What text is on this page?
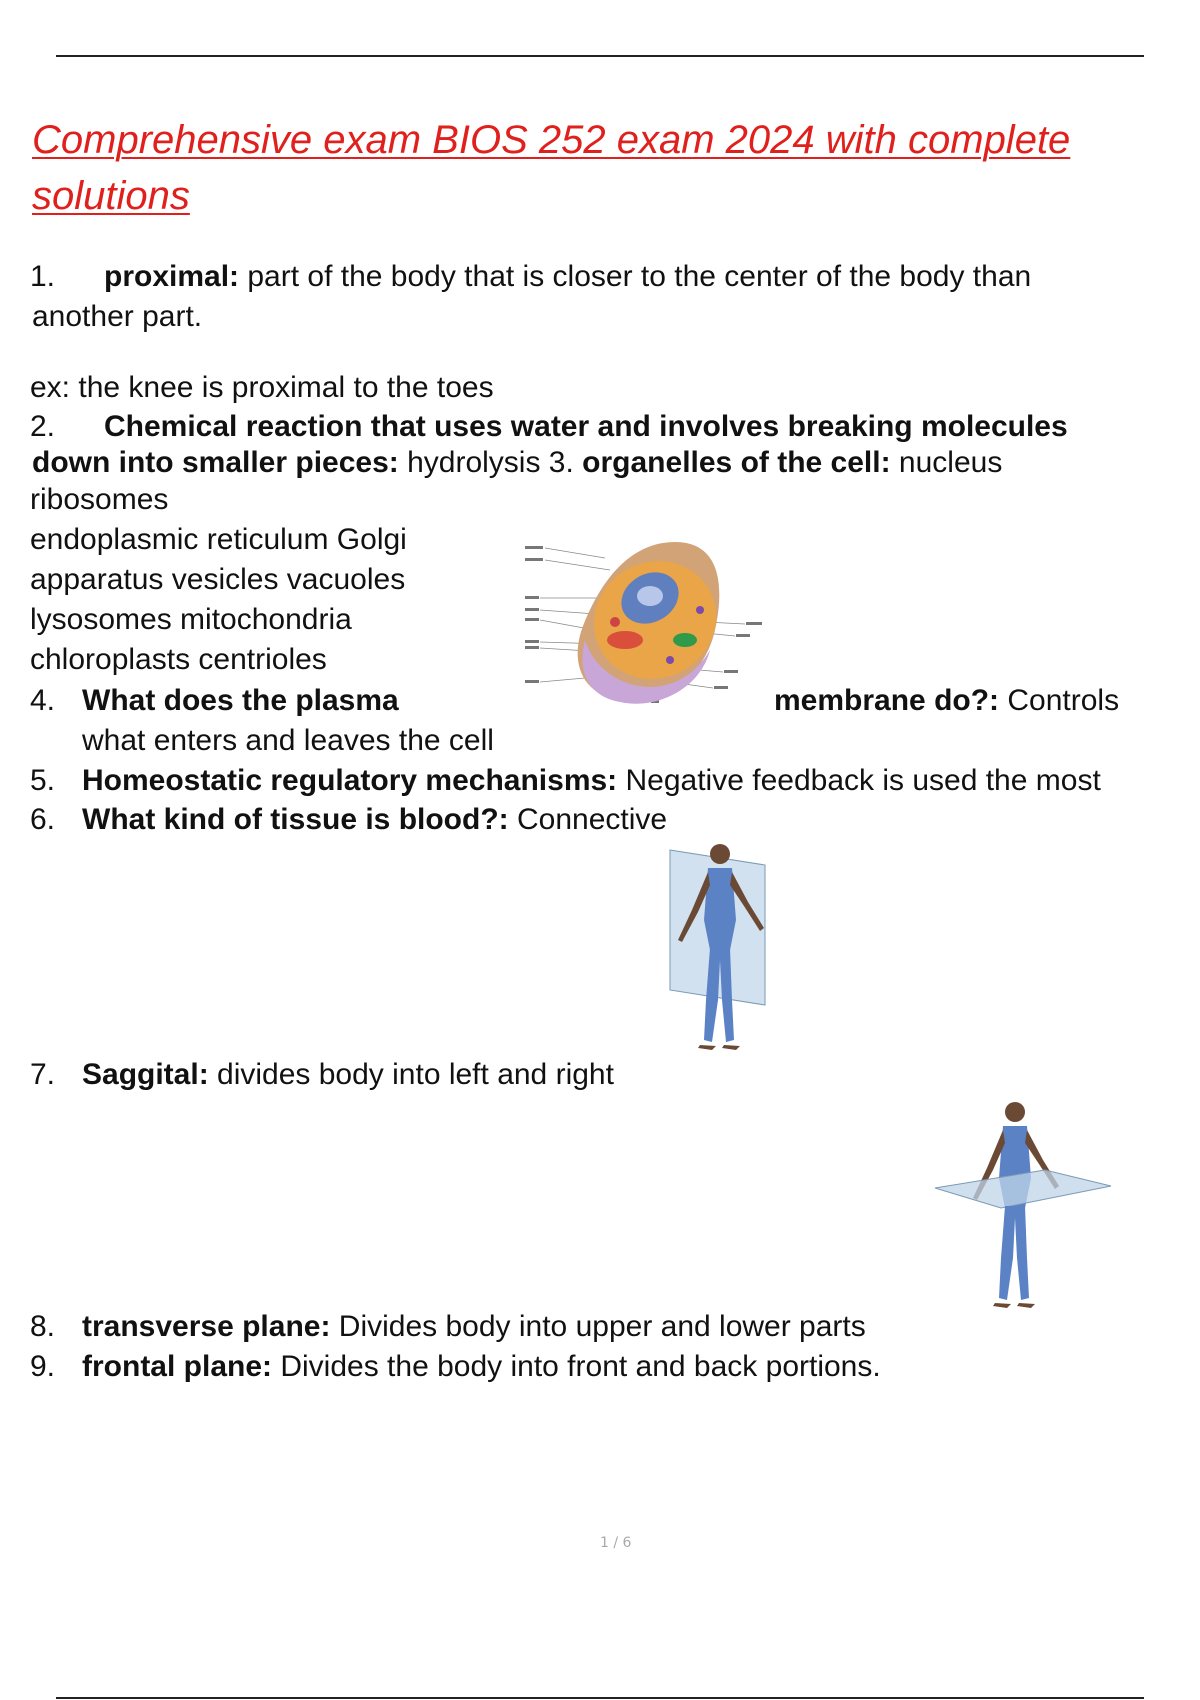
Comprehensive exam BIOS 252 exam 2024 with complete solutions
1. proximal: part of the body that is closer to the center of the body than
another part.
ex: the knee is proximal to the toes
2. Chemical reaction that uses water and involves breaking molecules
down into smaller pieces: hydrolysis 3. organelles of the cell: nucleus
ribosomes
endoplasmic reticulum Golgi
apparatus vesicles vacuoles
lysosomes mitochondria
chloroplasts centrioles
4. What does the plasma	membrane do?: Controls
what enters and leaves the cell
5. Homeostatic regulatory mechanisms: Negative feedback is used the most
6. What kind of tissue is blood?: Connective
7. Saggital: divides body into left and right
8. transverse plane: Divides body into upper and lower parts
9. frontal plane: Divides the body into front and back portions.
1 / 6
